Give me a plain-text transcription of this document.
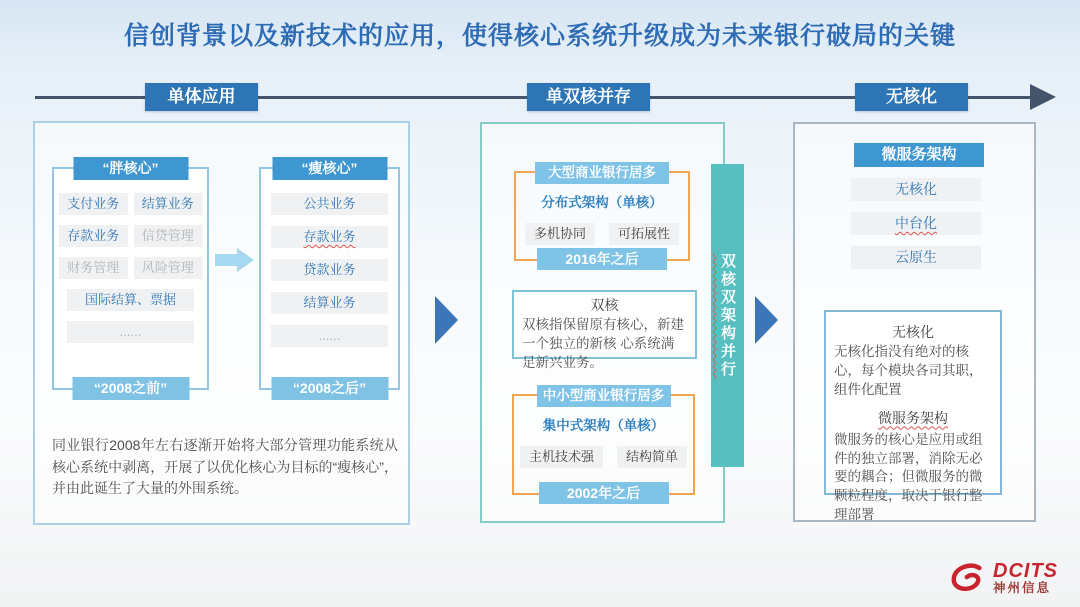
信创背景以及新技术的应用，使得核心系统升级成为未来银行破局的关键
单体应用	单双核并存	无核化
“胖核心”
支付业务	结算业务
存款业务	信贷管理
财务管理	风险管理
国际结算、票据
......
“2008之前”
“瘦核心”
公共业务
存款业务
贷款业务
结算业务
......
“2008之后”
同业银行2008年左右逐渐开始将大部分管理功能系统从核心系统中剥离，开展了以优化核心为目标的“瘦核心”，并由此诞生了大量的外围系统。
大型商业银行居多
分布式架构（单核）
多机协同	可拓展性
2016年之后
双核
双核指保留原有核心，新建一个独立的新核 心系统满足新兴业务。
中小型商业银行居多
集中式架构（单核）
主机技术强	结构简单
2002年之后
双核双架构并行
微服务架构
无核化
中台化
云原生
无核化
无核化指没有绝对的核心，每个模块各司其职，组件化配置
微服务架构
微服务的核心是应用或组件的独立部署，消除无必要的耦合；但微服务的微颗粒程度，取决于银行整理部署
DCITS
神州信息
